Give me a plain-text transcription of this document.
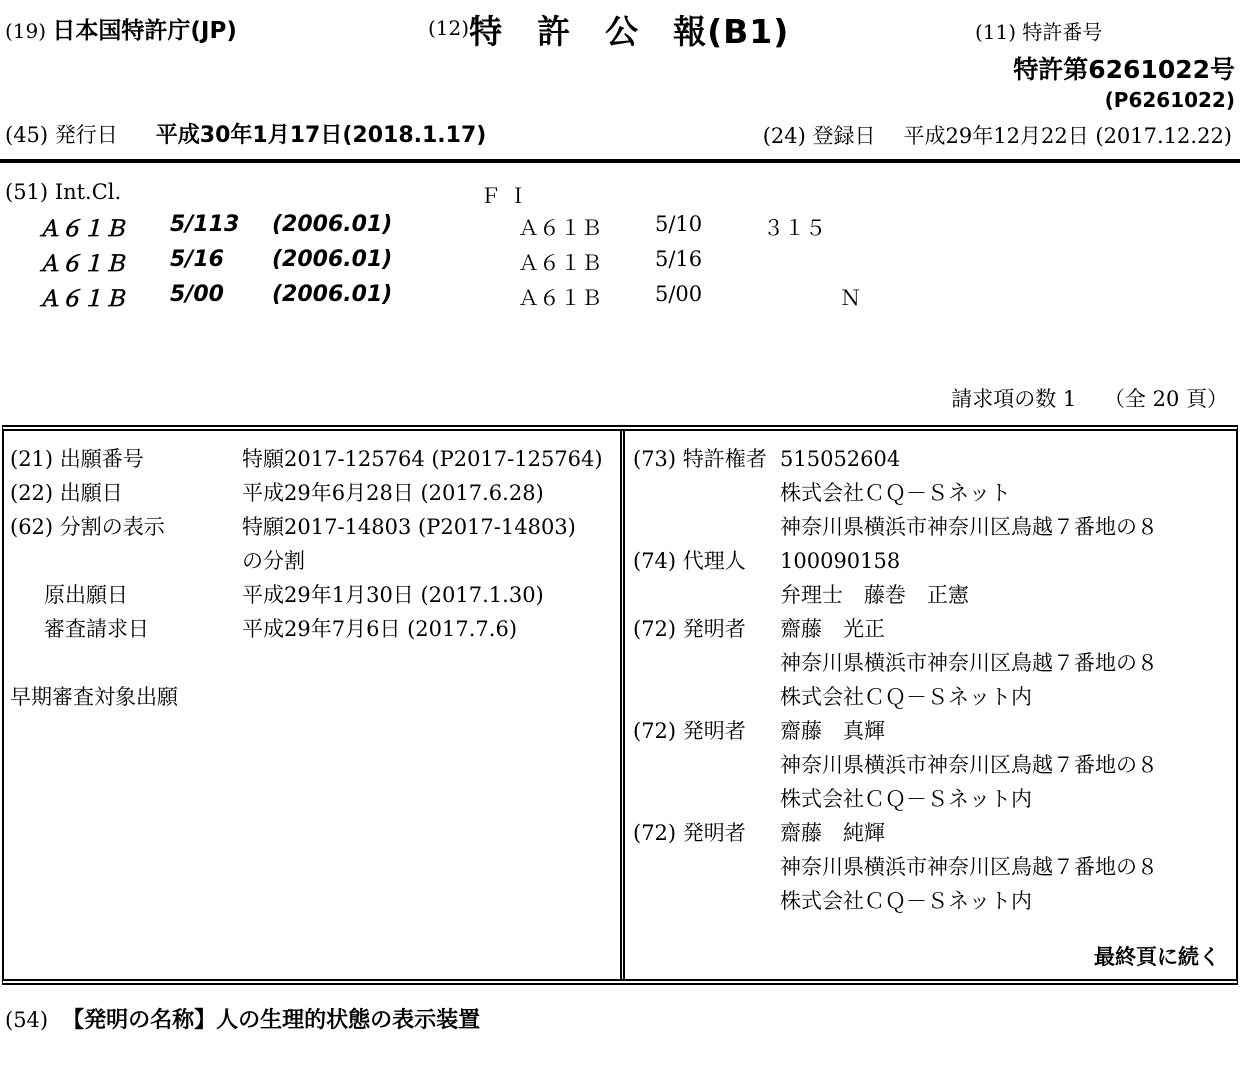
(19) 日本国特許庁(JP)	(12)特　許　公　報(B1)	(11) 特許番号
特許第6261022号
(P6261022)
(45) 発行日 平成30年1月17日(2018.1.17)	(24) 登録日 平成29年12月22日 (2017.12.22)
(51) Int.Cl.	Ｆ Ｉ
Ａ６１Ｂ 5/113 (2006.01)	Ａ６１Ｂ	5/10	３１５
Ａ６１Ｂ 5/16 (2006.01)	Ａ６１Ｂ	5/16
Ａ６１Ｂ 5/00 (2006.01)	Ａ６１Ｂ	5/00	Ｎ
請求項の数 1　 （全 20 頁）
(21) 出願番号	特願2017-125764 (P2017-125764)
(22) 出願日	平成29年6月28日 (2017.6.28)
(62) 分割の表示	特願2017-14803 (P2017-14803)
の分割
原出願日	平成29年1月30日 (2017.1.30)
審査請求日	平成29年7月6日 (2017.7.6)
早期審査対象出願
(73) 特許権者 515052604
株式会社ＣＱ－Ｓネット
神奈川県横浜市神奈川区鳥越７番地の８
(74) 代理人 100090158
弁理士　藤巻　正憲
(72) 発明者 齋藤　光正
神奈川県横浜市神奈川区鳥越７番地の８
株式会社ＣＱ－Ｓネット内
(72) 発明者 齋藤　真輝
神奈川県横浜市神奈川区鳥越７番地の８
株式会社ＣＱ－Ｓネット内
(72) 発明者 齋藤　純輝
神奈川県横浜市神奈川区鳥越７番地の８
株式会社ＣＱ－Ｓネット内
最終頁に続く
(54) 【発明の名称】人の生理的状態の表示装置
